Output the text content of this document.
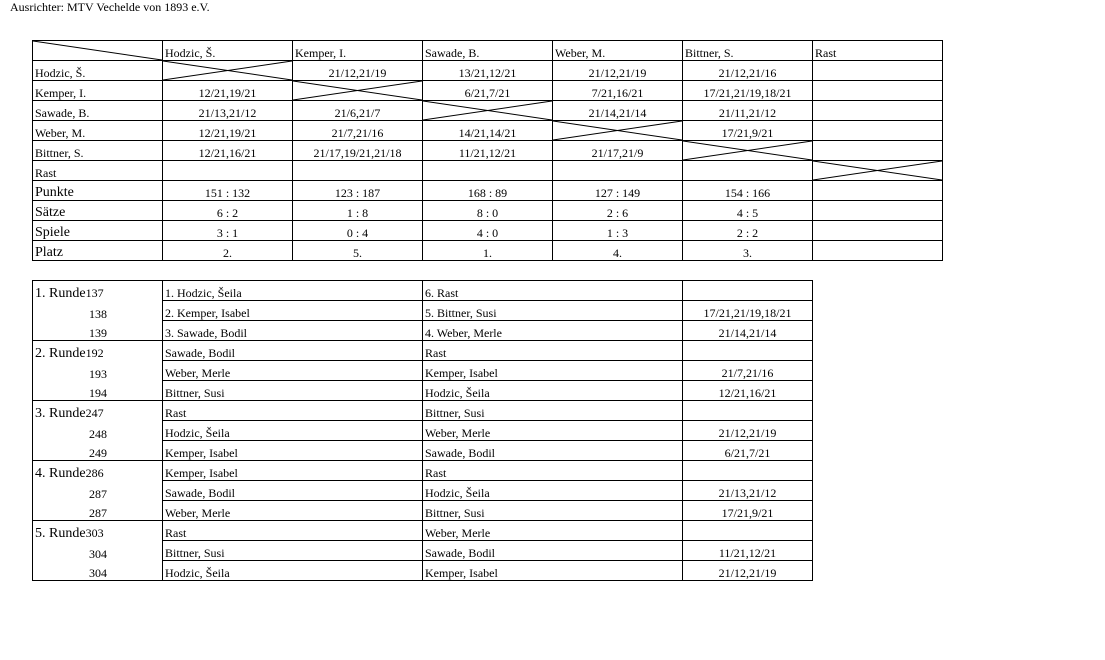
Ausrichter: MTV Vechelde von 1893 e.V.
	Hodzic, Š.	Kemper, I.	Sawade, B.	Weber, M.	Bittner, S.	Rast
Hodzic, Š.		21/12,21/19	13/21,12/21	21/12,21/19	21/12,21/16	
Kemper, I.	12/21,19/21		6/21,7/21	7/21,16/21	17/21,21/19,18/21	
Sawade, B.	21/13,21/12	21/6,21/7		21/14,21/14	21/11,21/12	
Weber, M.	12/21,19/21	21/7,21/16	14/21,14/21		17/21,9/21	
Bittner, S.	12/21,16/21	21/17,19/21,21/18	11/21,12/21	21/17,21/9	

Rast						

Punkte	151 : 132	123 : 187	168 : 89	127 : 149	154 : 166	
Sätze	6 : 2	1 : 8	8 : 0	2 : 6	4 : 5	
Spiele	3 : 1	0 : 4	4 : 0	1 : 3	2 : 2	
Platz	2.	5.	1.	4.	3.	
1. Runde137	1. Hodzic, Šeila	6. Rast	
138	2. Kemper, Isabel	5. Bittner, Susi	17/21,21/19,18/21
139	3. Sawade, Bodil	4. Weber, Merle	21/14,21/14
2. Runde192	Sawade, Bodil	Rast	
193	Weber, Merle	Kemper, Isabel	21/7,21/16
194	Bittner, Susi	Hodzic, Šeila	12/21,16/21
3. Runde247	Rast	Bittner, Susi	
248	Hodzic, Šeila	Weber, Merle	21/12,21/19
249	Kemper, Isabel	Sawade, Bodil	6/21,7/21
4. Runde286	Kemper, Isabel	Rast	
287	Sawade, Bodil	Hodzic, Šeila	21/13,21/12
287	Weber, Merle	Bittner, Susi	17/21,9/21
5. Runde303	Rast	Weber, Merle	
304	Bittner, Susi	Sawade, Bodil	11/21,12/21
304	Hodzic, Šeila	Kemper, Isabel	21/12,21/19
